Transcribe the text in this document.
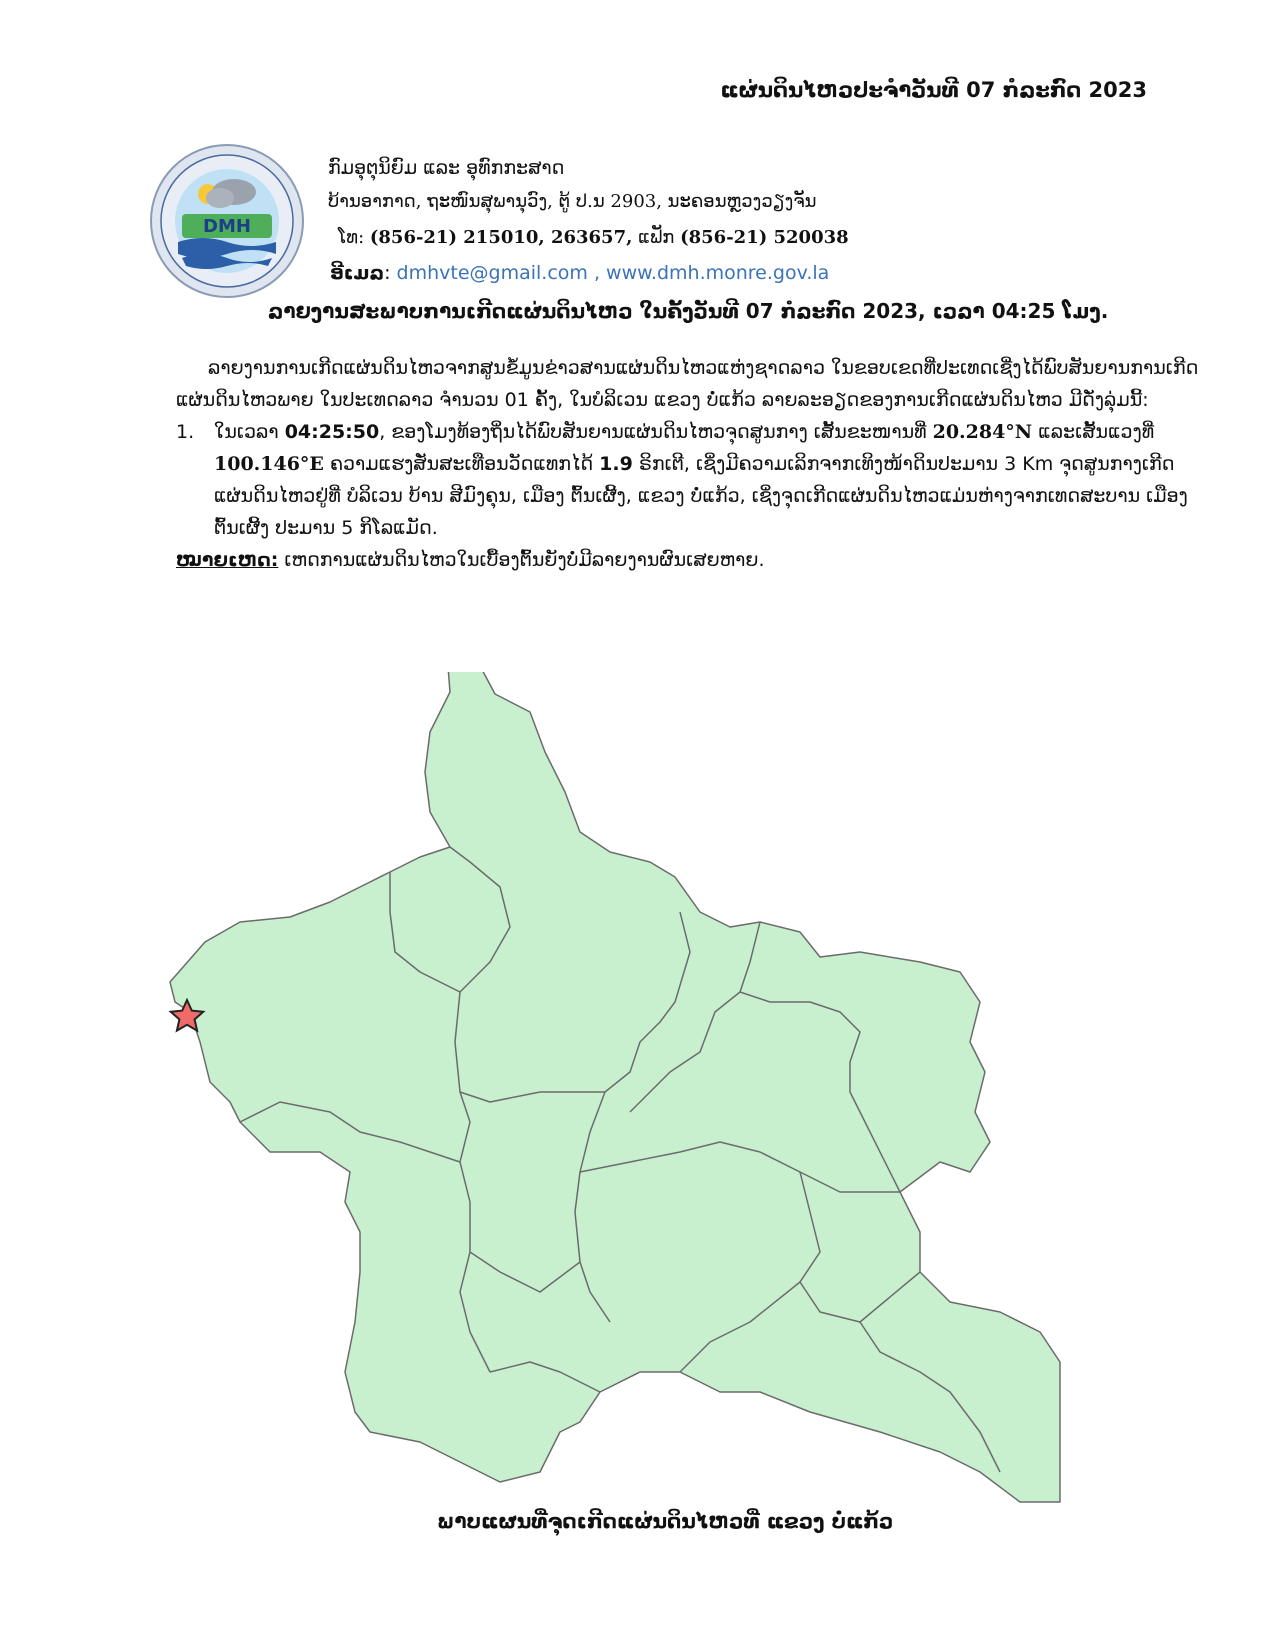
ແຜ່ນດິນໄຫວປະຈຳວັນທີ 07 ກໍລະກົດ 2023
DMH
ກົມອຸຕຸນິຍົມ ແລະ ອຸທົກກະສາດ
ບ້ານອາກາດ, ຖະໜົນສຸພານຸວົງ, ຕູ້ ປ.ນ 2903, ນະຄອນຫຼວງວຽງຈັນ
ໂທ: (856-21) 215010, 263657, ແຟັກ (856-21) 520038
ອີເມລ: dmhvte@gmail.com , www.dmh.monre.gov.la
ລາຍງານສະພາບການເກີດແຜ່ນດິນໄຫວ ໃນຄັ້ງວັນທີ 07 ກໍລະກົດ 2023, ເວລາ 04:25 ໂມງ.

ລາຍງານການເກີດແຜ່ນດິນໄຫວຈາກສູນຂໍ້ມູນຂ່າວສານແຜ່ນດິນໄຫວແຫ່ງຊາດລາວ ໃນຂອບເຂດທີ່ປະເທດເຊີ່ງໄດ້ພົບສັນຍານການເກີດແຜ່ນດິນໄຫວພາຍ ໃນປະເທດລາວ ຈຳນວນ 01 ຄັ້ງ, ໃນບໍລິເວນ ແຂວງ ບໍ່ແກ້ວ ລາຍລະອຽດຂອງການເກີດແຜ່ນດິນໄຫວ ມີດັ່ງລຸ່ມນີ້:

1. ໃນເວລາ 04:25:50, ຂອງໂມງທ້ອງຖິ່ນໄດ້ພົບສັນຍານແຜ່ນດິນໄຫວຈຸດສູນກາງ ເສັ້ນຂະໜານທີ່ 20.284°N ແລະເສັ້ນແວງທີ່ 100.146°E ຄວາມແຮງສັ່ນສະເທືອນວັດແທກໄດ້ 1.9 ຣິກເຕີ, ເຊິ່ງມີຄວາມເລິກຈາກເທິງໜ້າດິນປະມານ 3 Km ຈຸດສູນກາງເກີດແຜ່ນດິນໄຫວຢູ່ທີ່ ບໍລິເວນ ບ້ານ ສີມົງຄຸນ, ເມືອງ ຕົ້ນເຜີ້ງ, ແຂວງ ບໍ່ແກ້ວ, ເຊິ່ງຈຸດເກີດແຜ່ນດິນໄຫວແມ່ນຫ່າງຈາກເທດສະບານ ເມືອງ ຕົ້ນເຜີ້ງ ປະມານ 5 ກິໂລແມັດ.

ໝາຍເຫດ: ເຫດການແຜ່ນດິນໄຫວໃນເບື້ອງຕົ້ນຍັງບໍ່ມີລາຍງານຜົນເສຍຫາຍ.

ພາບແຜນທີ່ຈຸດເກີດແຜ່ນດິນໄຫວທີ່ ແຂວງ ບໍ່ແກ້ວ
